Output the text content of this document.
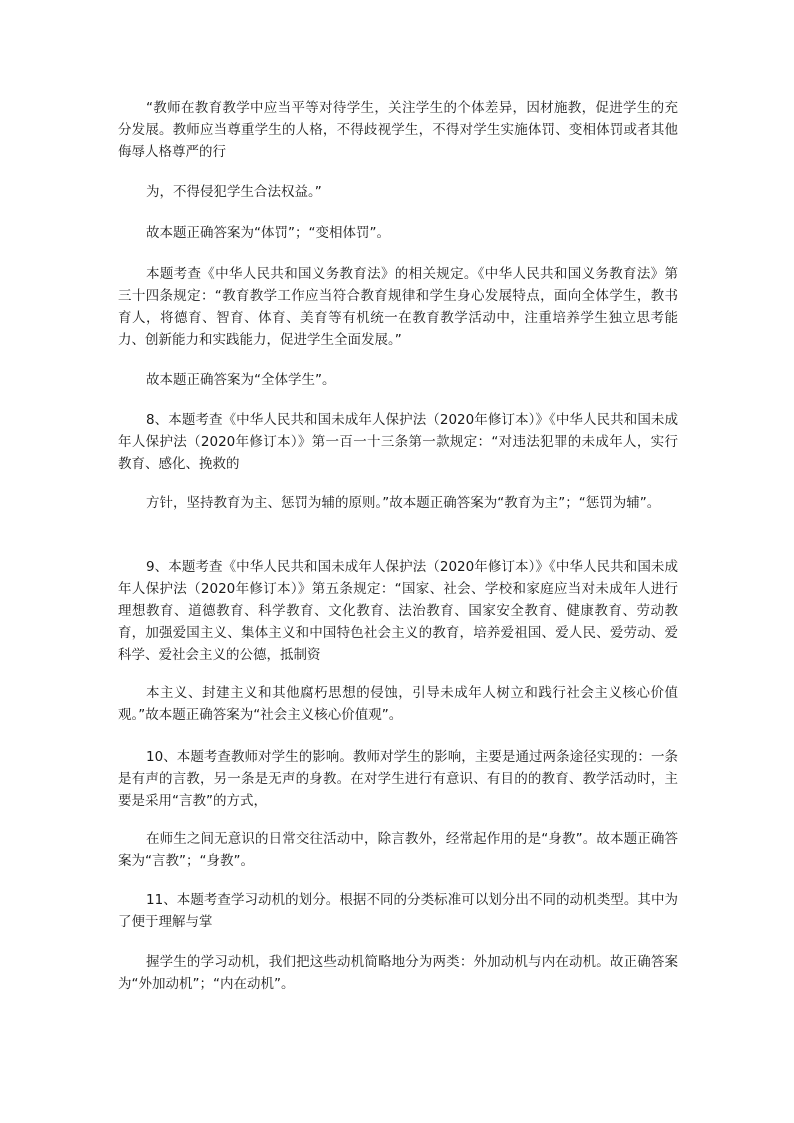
“教师在教育教学中应当平等对待学生，关注学生的个体差异，因材施教，促进学生的充分发展。教师应当尊重学生的人格，不得歧视学生，不得对学生实施体罚、变相体罚或者其他侮辱人格尊严的行

为，不得侵犯学生合法权益。”

故本题正确答案为“体罚”；“变相体罚”。

本题考查《中华人民共和国义务教育法》的相关规定。《中华人民共和国义务教育法》第三十四条规定：“教育教学工作应当符合教育规律和学生身心发展特点，面向全体学生，教书育人，将德育、智育、体育、美育等有机统一在教育教学活动中，注重培养学生独立思考能力、创新能力和实践能力，促进学生全面发展。”

故本题正确答案为“全体学生”。

8、本题考查《中华人民共和国未成年人保护法（2020年修订本）》《中华人民共和国未成年人保护法（2020年修订本）》第一百一十三条第一款规定：“对违法犯罪的未成年人，实行教育、感化、挽救的

方针，坚持教育为主、惩罚为辅的原则。”故本题正确答案为“教育为主”；“惩罚为辅”。

9、本题考查《中华人民共和国未成年人保护法（2020年修订本）》《中华人民共和国未成年人保护法（2020年修订本）》第五条规定：“国家、社会、学校和家庭应当对未成年人进行理想教育、道德教育、科学教育、文化教育、法治教育、国家安全教育、健康教育、劳动教育，加强爱国主义、集体主义和中国特色社会主义的教育，培养爱祖国、爱人民、爱劳动、爱科学、爱社会主义的公德，抵制资

本主义、封建主义和其他腐朽思想的侵蚀，引导未成年人树立和践行社会主义核心价值观。”故本题正确答案为“社会主义核心价值观”。

10、本题考查教师对学生的影响。教师对学生的影响，主要是通过两条途径实现的：一条是有声的言教，另一条是无声的身教。在对学生进行有意识、有目的的教育、教学活动时，主要是采用“言教”的方式，

在师生之间无意识的日常交往活动中，除言教外，经常起作用的是“身教”。故本题正确答案为“言教”；“身教”。

11、本题考查学习动机的划分。根据不同的分类标准可以划分出不同的动机类型。其中为了便于理解与掌

握学生的学习动机，我们把这些动机简略地分为两类：外加动机与内在动机。故正确答案为“外加动机”；“内在动机”。
